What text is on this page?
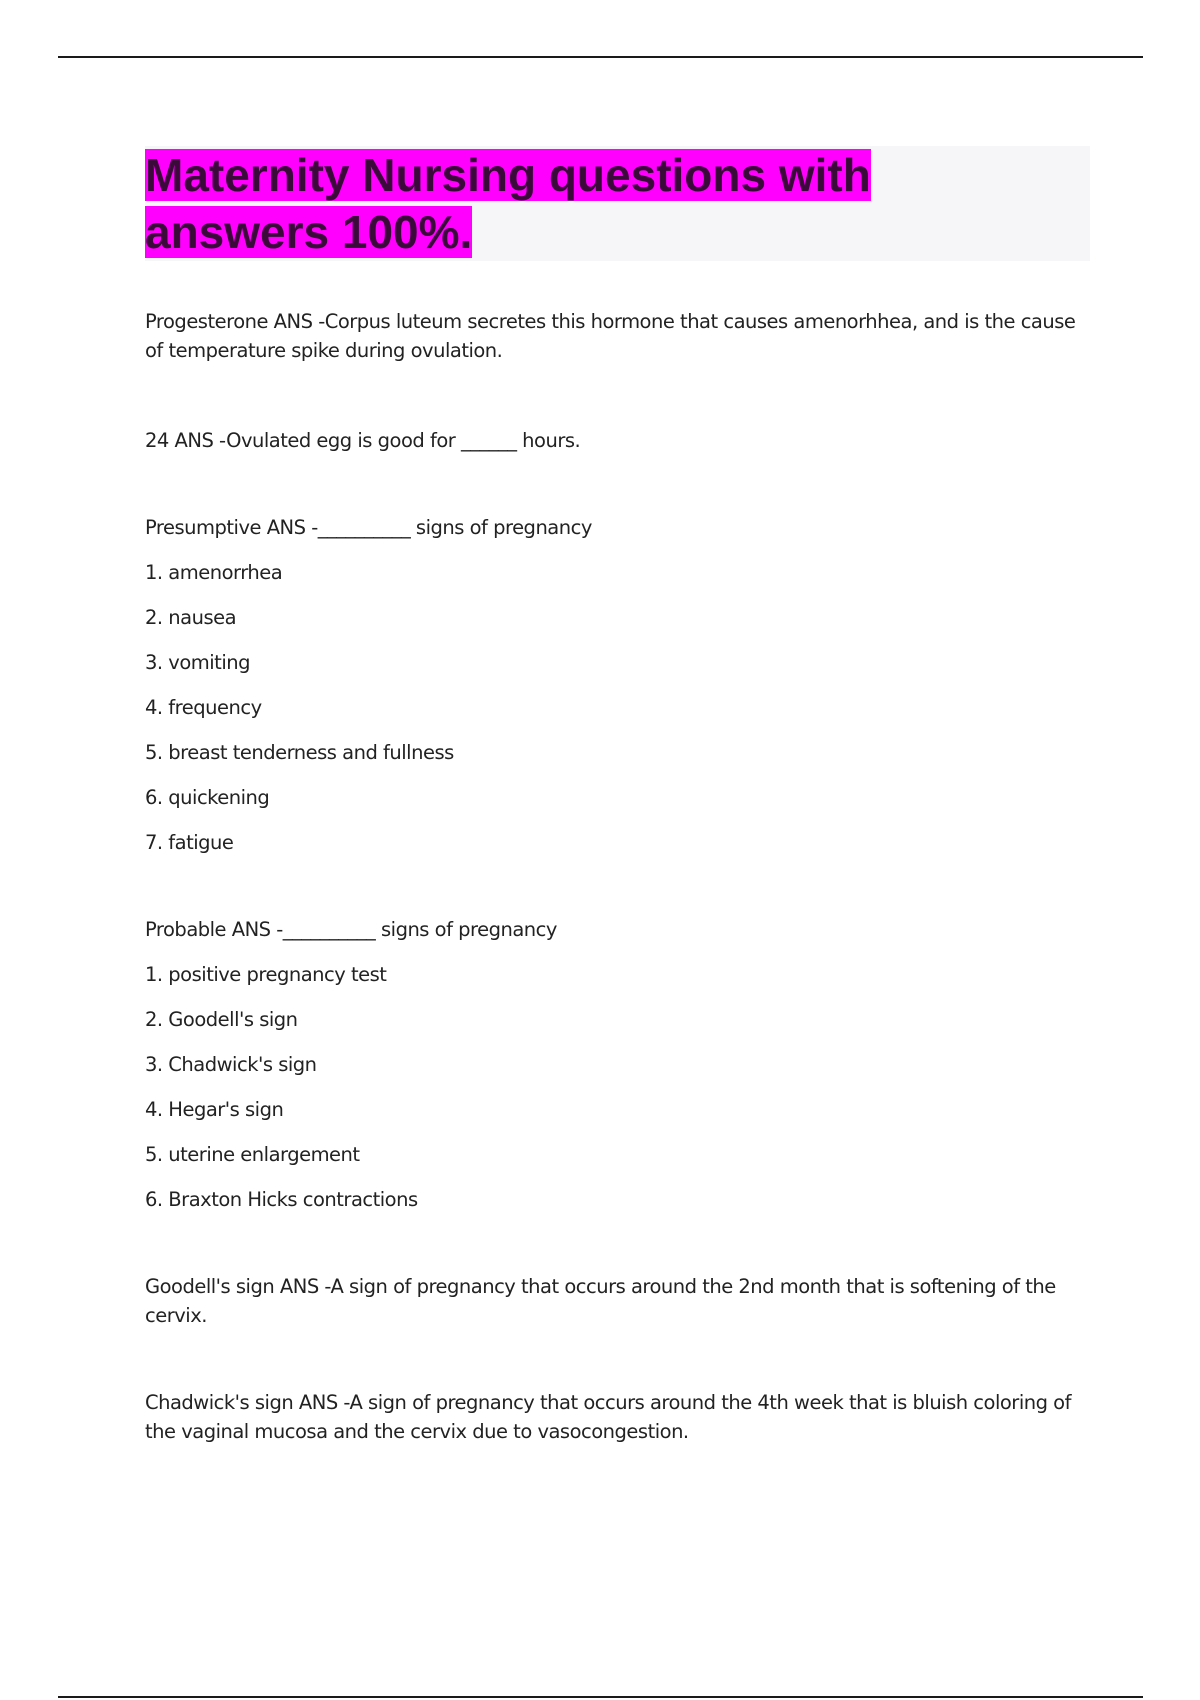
Maternity Nursing questions with answers 100%.

Progesterone ANS -Corpus luteum secretes this hormone that causes amenorhhea, and is the cause of temperature spike during ovulation.

24 ANS -Ovulated egg is good for ______ hours.

Presumptive ANS -__________ signs of pregnancy

1. amenorrhea

2. nausea

3. vomiting

4. frequency

5. breast tenderness and fullness

6. quickening

7. fatigue

Probable ANS -__________ signs of pregnancy

1. positive pregnancy test

2. Goodell's sign

3. Chadwick's sign

4. Hegar's sign

5. uterine enlargement

6. Braxton Hicks contractions

Goodell's sign ANS -A sign of pregnancy that occurs around the 2nd month that is softening of the cervix.

Chadwick's sign ANS -A sign of pregnancy that occurs around the 4th week that is bluish coloring of the vaginal mucosa and the cervix due to vasocongestion.
